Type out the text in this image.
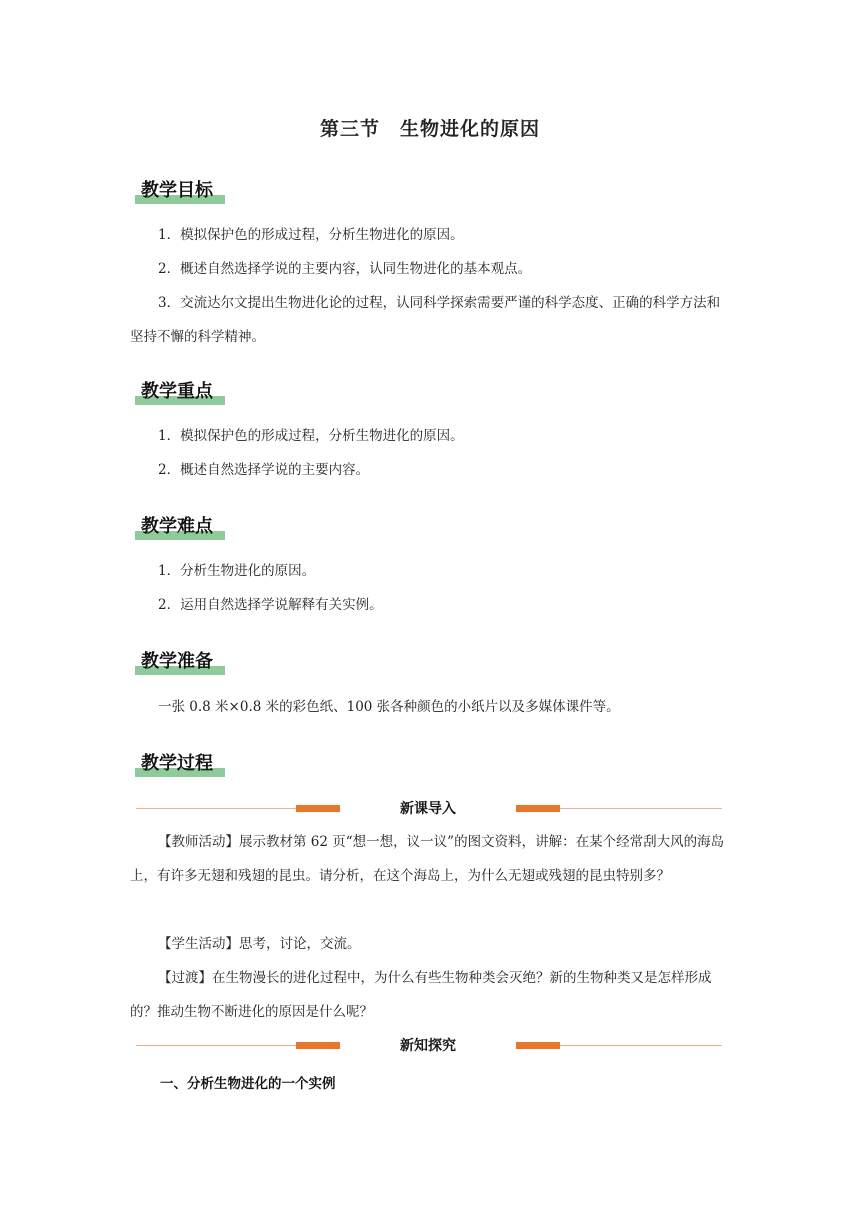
第三节　生物进化的原因
教学目标
1．模拟保护色的形成过程，分析生物进化的原因。
2．概述自然选择学说的主要内容，认同生物进化的基本观点。
3．交流达尔文提出生物进化论的过程，认同科学探索需要严谨的科学态度、正确的科学方法和坚持不懈的科学精神。
教学重点
1．模拟保护色的形成过程，分析生物进化的原因。
2．概述自然选择学说的主要内容。
教学难点
1．分析生物进化的原因。
2．运用自然选择学说解释有关实例。
教学准备
一张 0.8 米×0.8 米的彩色纸、100 张各种颜色的小纸片以及多媒体课件等。
教学过程
新课导入
【教师活动】展示教材第 62 页“想一想，议一议”的图文资料，讲解：在某个经常刮大风的海岛上，有许多无翅和残翅的昆虫。请分析，在这个海岛上，为什么无翅或残翅的昆虫特别多？
【学生活动】思考，讨论，交流。
【过渡】在生物漫长的进化过程中，为什么有些生物种类会灭绝？新的生物种类又是怎样形成的？推动生物不断进化的原因是什么呢？
新知探究
一、分析生物进化的一个实例
